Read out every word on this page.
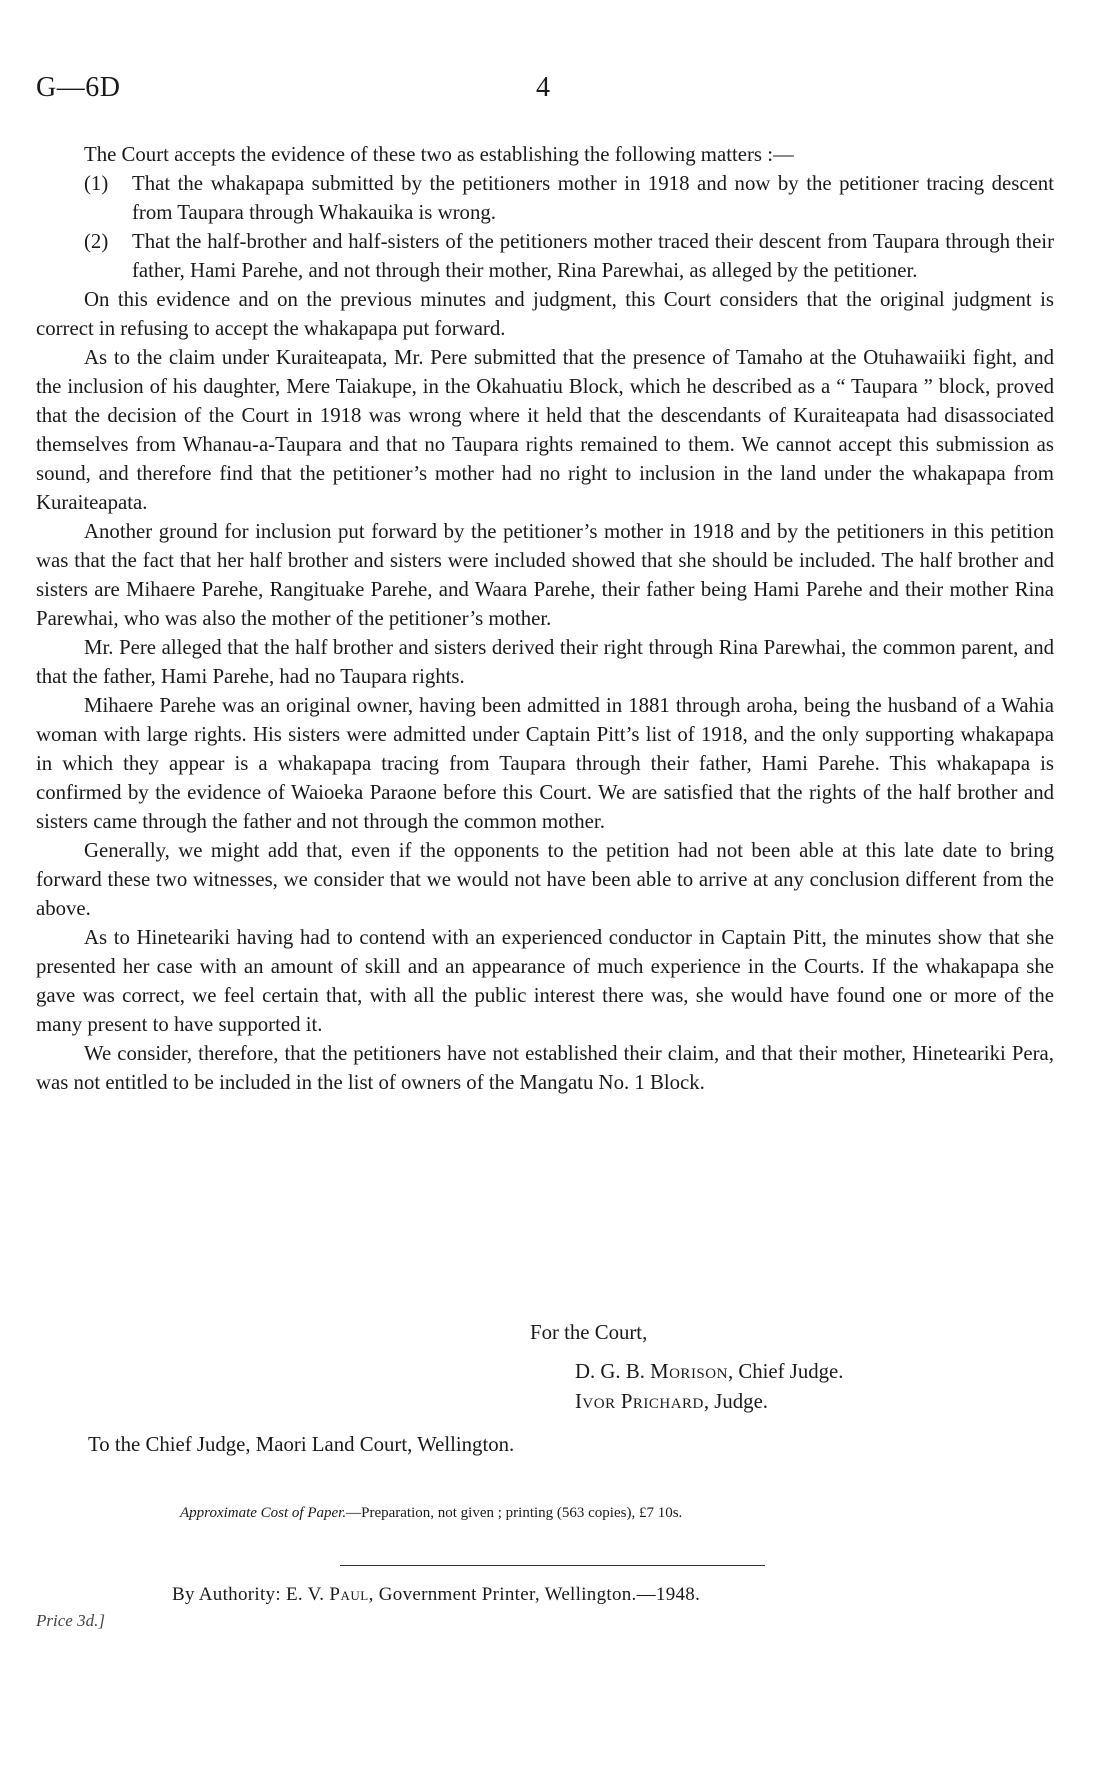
G—6D	4

The Court accepts the evidence of these two as establishing the following matters :—

(1) That the whakapapa submitted by the petitioners mother in 1918 and now by the petitioner tracing descent from Taupara through Whakauika is wrong.
(2) That the half-brother and half-sisters of the petitioners mother traced their descent from Taupara through their father, Hami Parehe, and not through their mother, Rina Parewhai, as alleged by the petitioner.

On this evidence and on the previous minutes and judgment, this Court considers that the original judgment is correct in refusing to accept the whakapapa put forward.

As to the claim under Kuraiteapata, Mr. Pere submitted that the presence of Tamaho at the Otuhawaiiki fight, and the inclusion of his daughter, Mere Taiakupe, in the Okahuatiu Block, which he described as a “ Taupara ” block, proved that the decision of the Court in 1918 was wrong where it held that the descendants of Kuraiteapata had disassociated themselves from Whanau-a-Taupara and that no Taupara rights remained to them. We cannot accept this submission as sound, and therefore find that the petitioner’s mother had no right to inclusion in the land under the whakapapa from Kuraiteapata.

Another ground for inclusion put forward by the petitioner’s mother in 1918 and by the petitioners in this petition was that the fact that her half brother and sisters were included showed that she should be included. The half brother and sisters are Mihaere Parehe, Rangituake Parehe, and Waara Parehe, their father being Hami Parehe and their mother Rina Parewhai, who was also the mother of the petitioner’s mother.

Mr. Pere alleged that the half brother and sisters derived their right through Rina Parewhai, the common parent, and that the father, Hami Parehe, had no Taupara rights.

Mihaere Parehe was an original owner, having been admitted in 1881 through aroha, being the husband of a Wahia woman with large rights. His sisters were admitted under Captain Pitt’s list of 1918, and the only supporting whakapapa in which they appear is a whakapapa tracing from Taupara through their father, Hami Parehe. This whakapapa is confirmed by the evidence of Waioeka Paraone before this Court. We are satisfied that the rights of the half brother and sisters came through the father and not through the common mother.

Generally, we might add that, even if the opponents to the petition had not been able at this late date to bring forward these two witnesses, we consider that we would not have been able to arrive at any conclusion different from the above.

As to Hineteariki having had to contend with an experienced conductor in Captain Pitt, the minutes show that she presented her case with an amount of skill and an appearance of much experience in the Courts. If the whakapapa she gave was correct, we feel certain that, with all the public interest there was, she would have found one or more of the many present to have supported it.

We consider, therefore, that the petitioners have not established their claim, and that their mother, Hineteariki Pera, was not entitled to be included in the list of owners of the Mangatu No. 1 Block.

For the Court,
D. G. B. Morison, Chief Judge.
Ivor Prichard, Judge.
To the Chief Judge, Maori Land Court, Wellington.
Approximate Cost of Paper.—Preparation, not given ; printing (563 copies), £7 10s.
By Authority: E. V. Paul, Government Printer, Wellington.—1948.
Price 3d.]
